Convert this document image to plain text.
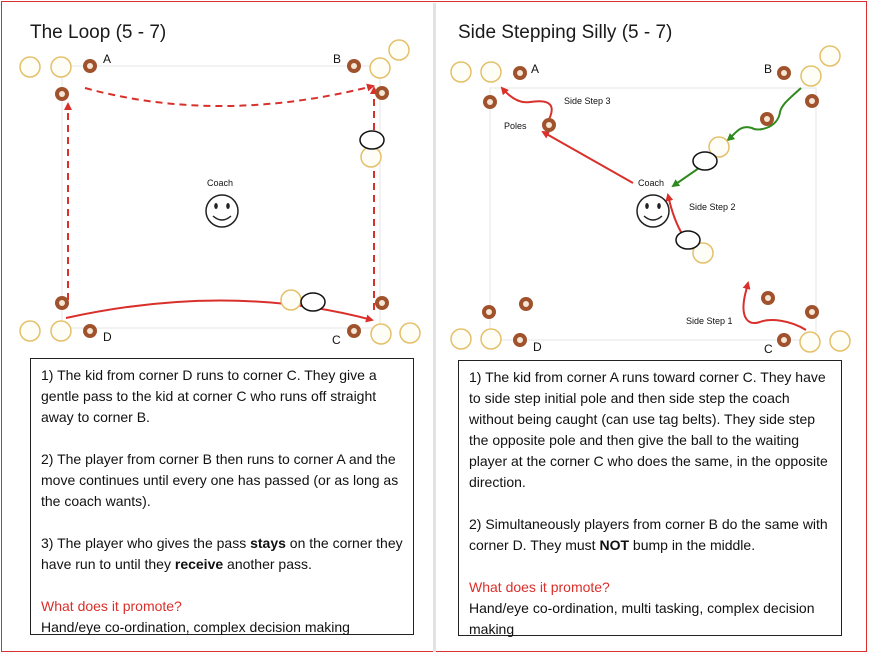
The Loop (5 - 7)
A	B
D	C
Coach

1) The kid from corner D runs to corner C. They give a gentle pass to the kid at corner C who runs off straight away to corner B.

2) The player from corner B then runs to corner A and the move continues until every one has passed (or as long as the coach wants).

3) The player who gives the pass stays on the corner they have run to until they receive another pass.

What does it promote?
Hand/eye co-ordination, complex decision making
Side Stepping Silly (5 - 7)
A	B
D	C
Side Step 3
Poles
Coach
Side Step 2
Side Step 1

1) The kid from corner A runs toward corner C. They have to side step initial pole and then side step the coach without being caught (can use tag belts). They side step the opposite pole and then give the ball to the waiting player at the corner C who does the same, in the opposite direction.

2) Simultaneously players from corner B do the same with corner D. They must NOT bump in the middle.

What does it promote?
Hand/eye co-ordination, multi tasking, complex decision making
